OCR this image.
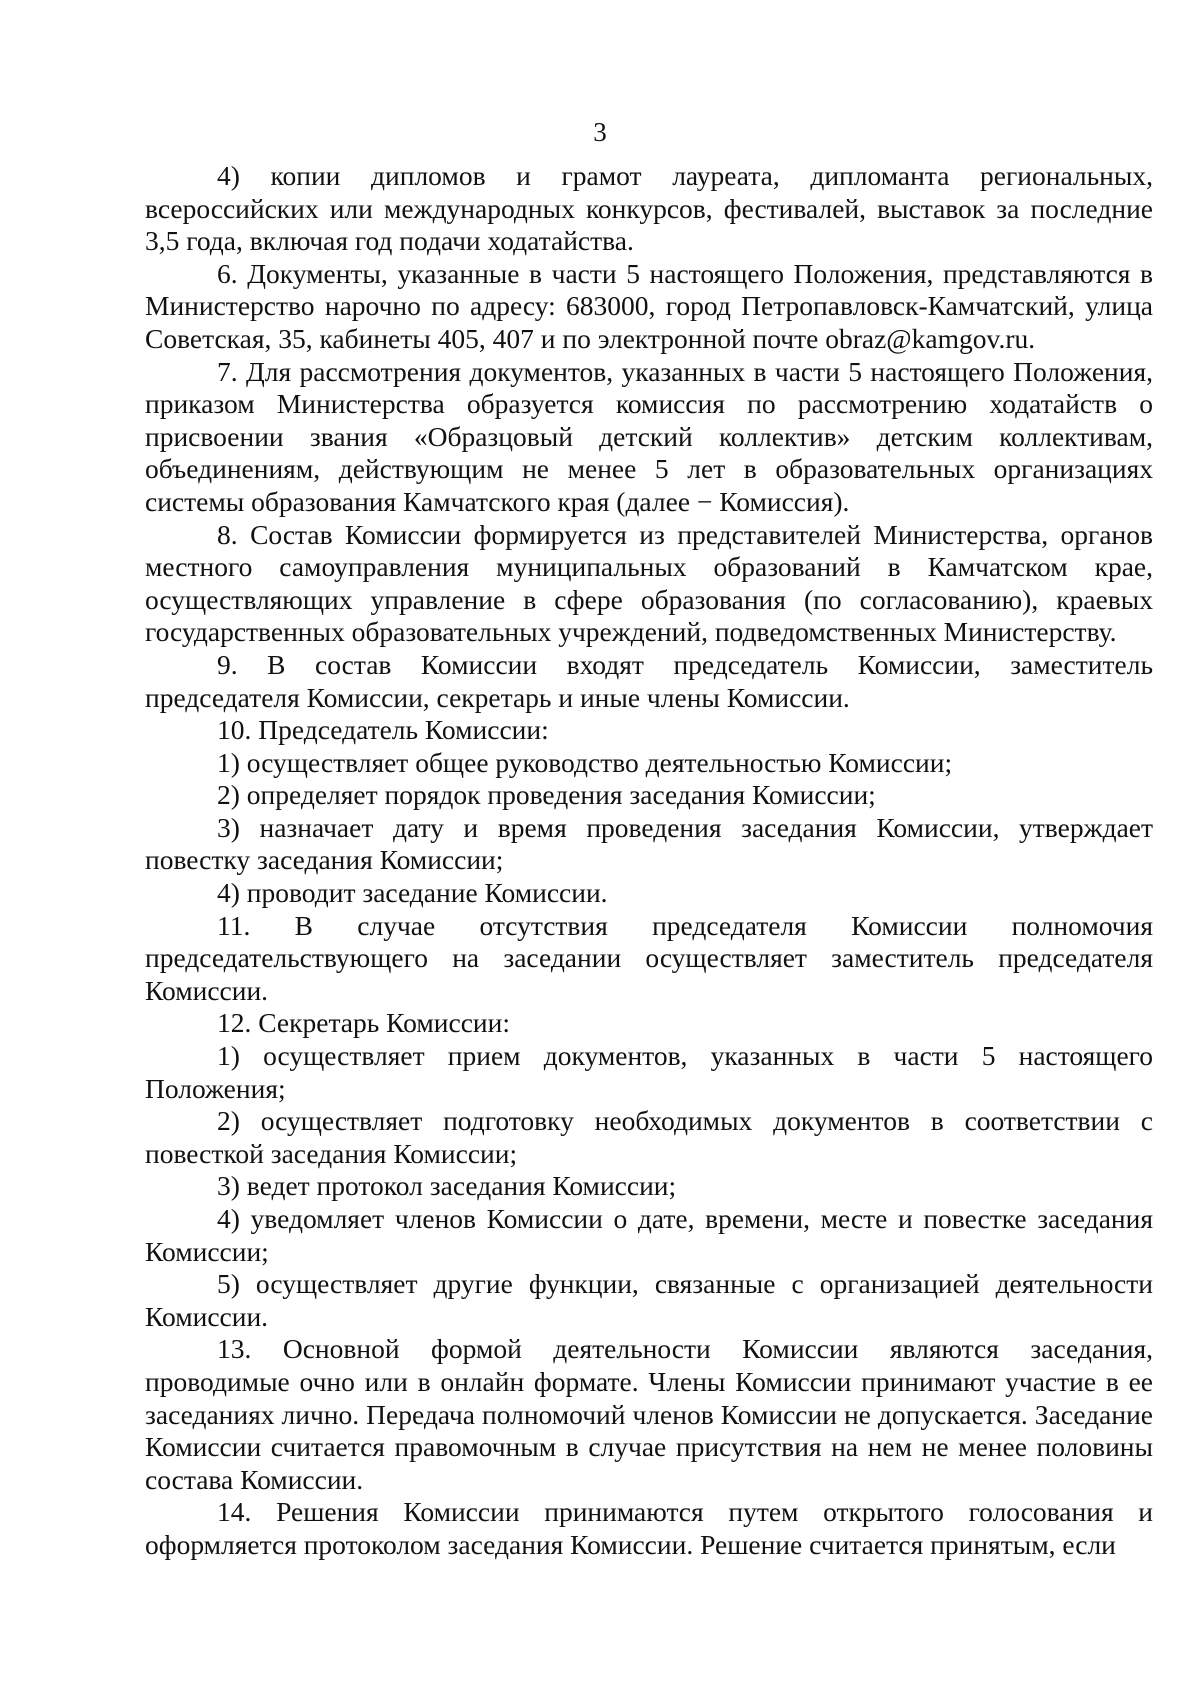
3

4) копии дипломов и грамот лауреата, дипломанта региональных, всероссийских или международных конкурсов, фестивалей, выставок за последние 3,5 года, включая год подачи ходатайства.

6. Документы, указанные в части 5 настоящего Положения, представляются в Министерство нарочно по адресу: 683000, город Петропавловск-Камчатский, улица Советская, 35, кабинеты 405, 407 и по электронной почте obraz@kamgov.ru.

7. Для рассмотрения документов, указанных в части 5 настоящего Положения, приказом Министерства образуется комиссия по рассмотрению ходатайств о присвоении звания «Образцовый детский коллектив» детским коллективам, объединениям, действующим не менее 5 лет в образовательных организациях системы образования Камчатского края (далее − Комиссия).

8. Состав Комиссии формируется из представителей Министерства, органов местного самоуправления муниципальных образований в Камчатском крае, осуществляющих управление в сфере образования (по согласованию), краевых государственных образовательных учреждений, подведомственных Министерству.

9. В состав Комиссии входят председатель Комиссии, заместитель председателя Комиссии, секретарь и иные члены Комиссии.

10. Председатель Комиссии:

1) осуществляет общее руководство деятельностью Комиссии;

2) определяет порядок проведения заседания Комиссии;

3) назначает дату и время проведения заседания Комиссии, утверждает повестку заседания Комиссии;

4) проводит заседание Комиссии.

11. В случае отсутствия председателя Комиссии полномочия председательствующего на заседании осуществляет заместитель председателя Комиссии.

12. Секретарь Комиссии:

1) осуществляет прием документов, указанных в части 5 настоящего Положения;

2) осуществляет подготовку необходимых документов в соответствии с повесткой заседания Комиссии;

3) ведет протокол заседания Комиссии;

4) уведомляет членов Комиссии о дате, времени, месте и повестке заседания Комиссии;

5) осуществляет другие функции, связанные с организацией деятельности Комиссии.

13. Основной формой деятельности Комиссии являются заседания, проводимые очно или в онлайн формате. Члены Комиссии принимают участие в ее заседаниях лично. Передача полномочий членов Комиссии не допускается. Заседание Комиссии считается правомочным в случае присутствия на нем не менее половины состава Комиссии.

14. Решения Комиссии принимаются путем открытого голосования и оформляется протоколом заседания Комиссии. Решение считается принятым, если
